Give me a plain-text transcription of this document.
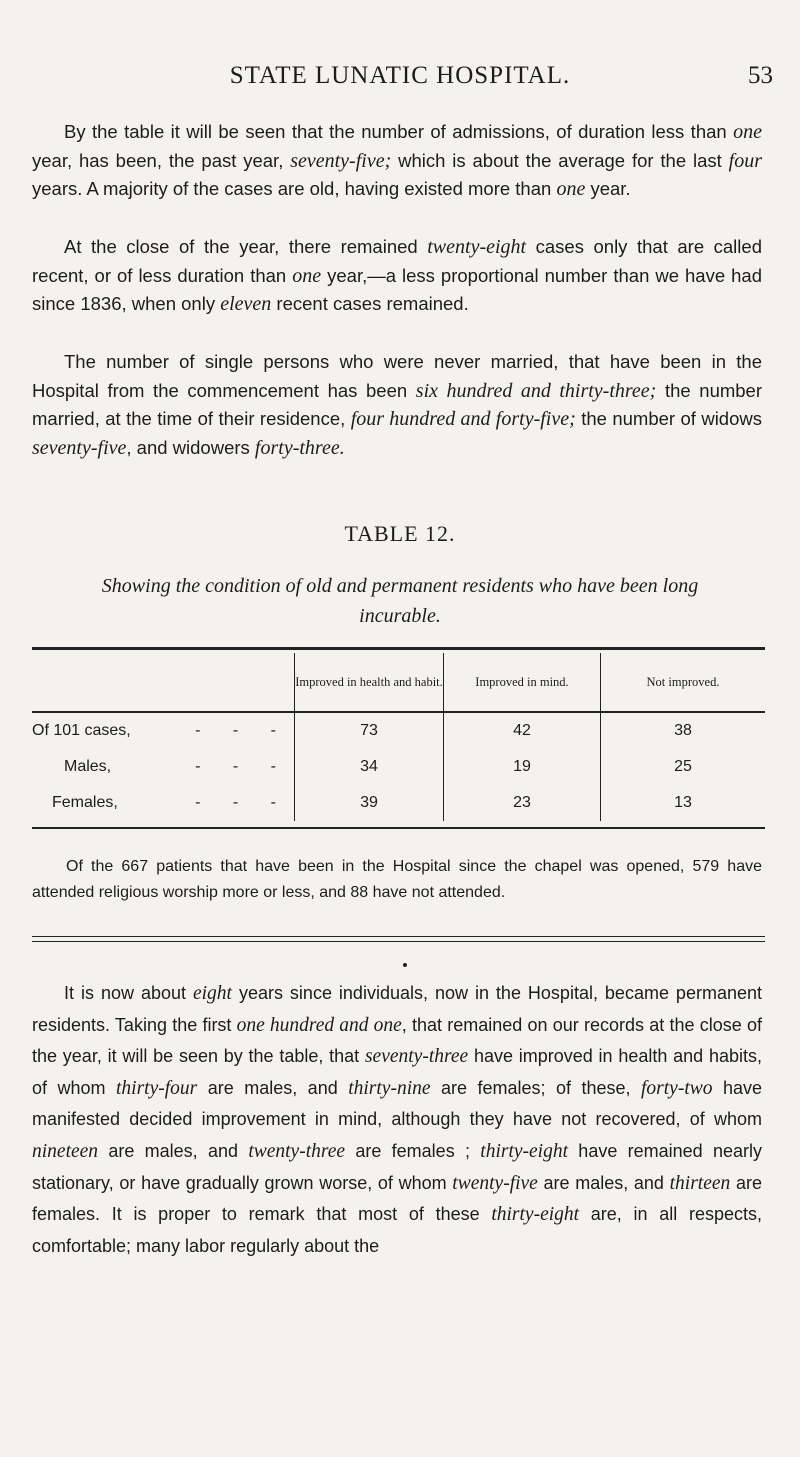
STATE LUNATIC HOSPITAL.	53

By the table it will be seen that the number of admissions, of duration less than one year, has been, the past year, seventy-five; which is about the average for the last four years. A majority of the cases are old, having existed more than one year.

At the close of the year, there remained twenty-eight cases only that are called recent, or of less duration than one year,—a less proportional number than we have had since 1836, when only eleven recent cases remained.

The number of single persons who were never married, that have been in the Hospital from the commencement has been six hundred and thirty-three; the number married, at the time of their residence, four hundred and forty-five; the number of widows seventy-five, and widowers forty-three.

TABLE 12.

Showing the condition of old and permanent residents who have been long incurable.

	Improved in health and habit.	Improved in mind.	Not improved.
Of 101 cases, - - -	73	42	38
Males, - - -	34	19	25
Females, - - -	39	23	13

Of the 667 patients that have been in the Hospital since the chapel was opened, 579 have attended religious worship more or less, and 88 have not attended.

It is now about eight years since individuals, now in the Hospital, became permanent residents. Taking the first one hundred and one, that remained on our records at the close of the year, it will be seen by the table, that seventy-three have improved in health and habits, of whom thirty-four are males, and thirty-nine are females; of these, forty-two have manifested decided improvement in mind, although they have not recovered, of whom nineteen are males, and twenty-three are females ; thirty-eight have remained nearly stationary, or have gradually grown worse, of whom twenty-five are males, and thirteen are females. It is proper to remark that most of these thirty-eight are, in all respects, comfortable; many labor regularly about the
